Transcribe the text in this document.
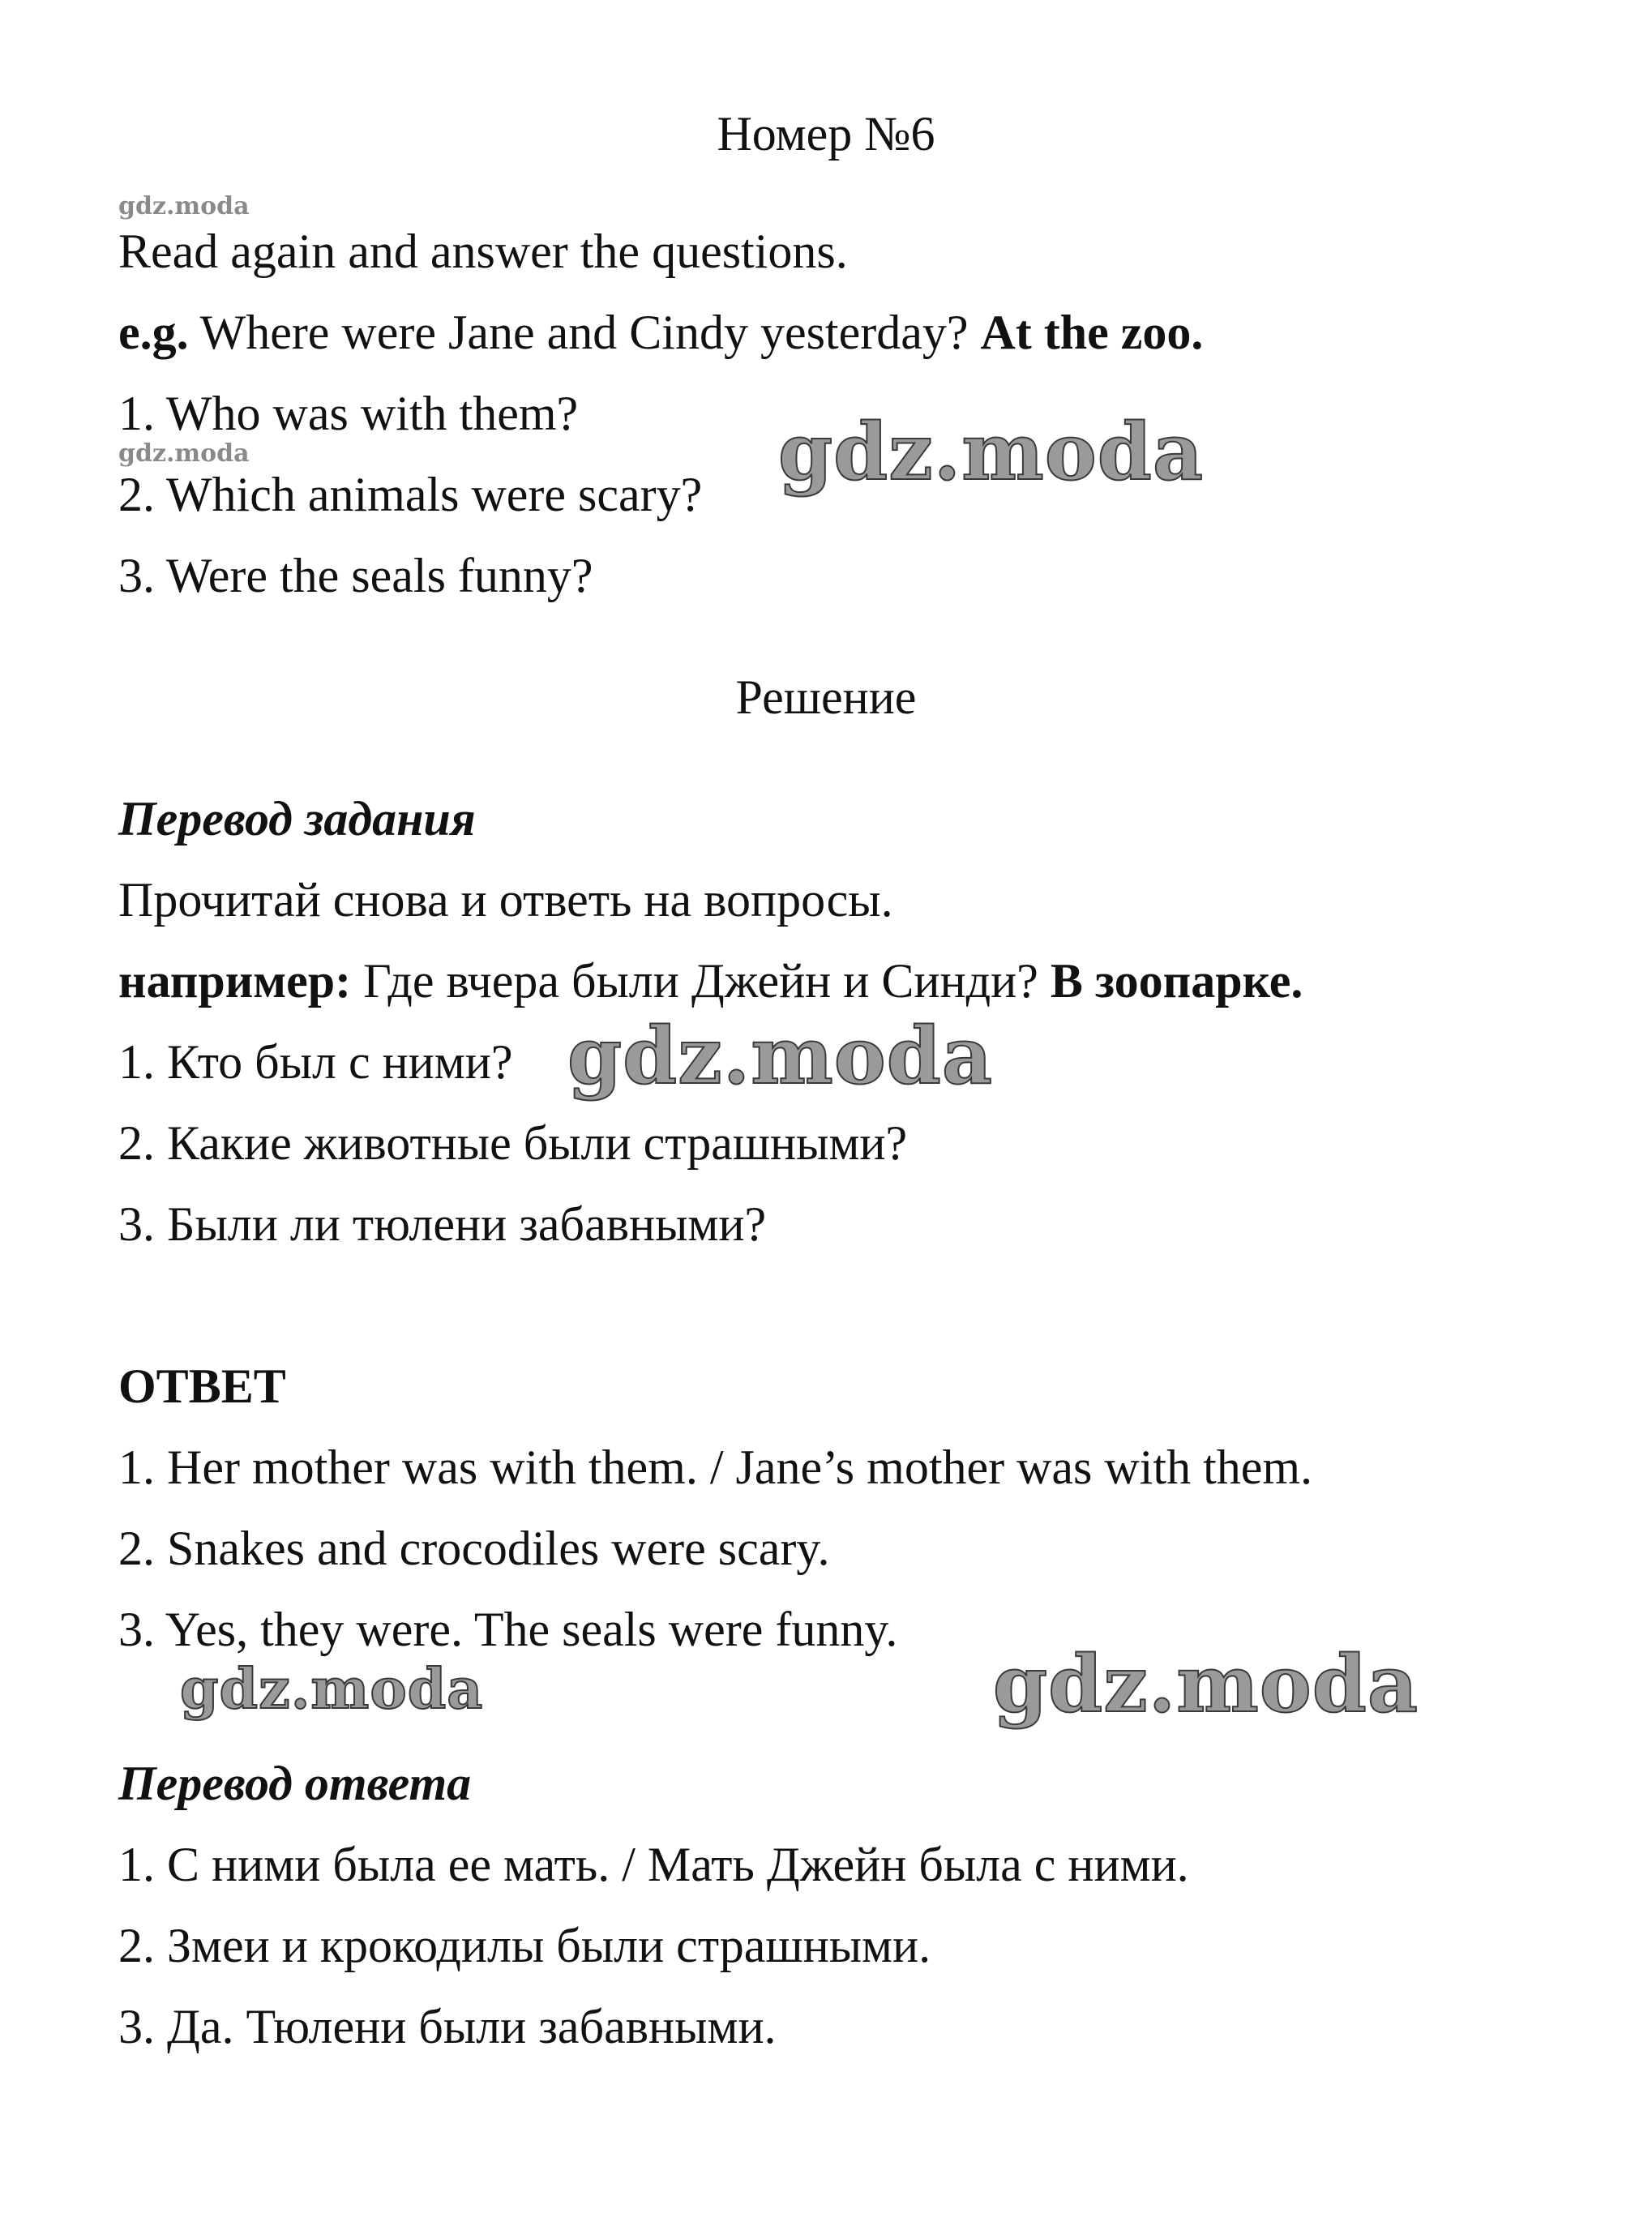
Номер №6
gdz.moda
Read again and answer the questions.
e.g. Where were Jane and Cindy yesterday? At the zoo.
1. Who was with them?
gdz.moda
2. Which animals were scary? gdz.moda
3. Were the seals funny?
Решение
Перевод задания
Прочитай снова и ответь на вопросы.
например: Где вчера были Джейн и Синди? В зоопарке.
1. Кто был с ними? gdz.moda
2. Какие животные были страшными?
3. Были ли тюлени забавными?
ОТВЕТ
1. Her mother was with them. / Jane’s mother was with them.
2. Snakes and crocodiles were scary.
3. Yes, they were. The seals were funny.
gdz.moda	gdz.moda
Перевод ответа
1. С ними была ее мать. / Мать Джейн была с ними.
2. Змеи и крокодилы были страшными.
3. Да. Тюлени были забавными.
